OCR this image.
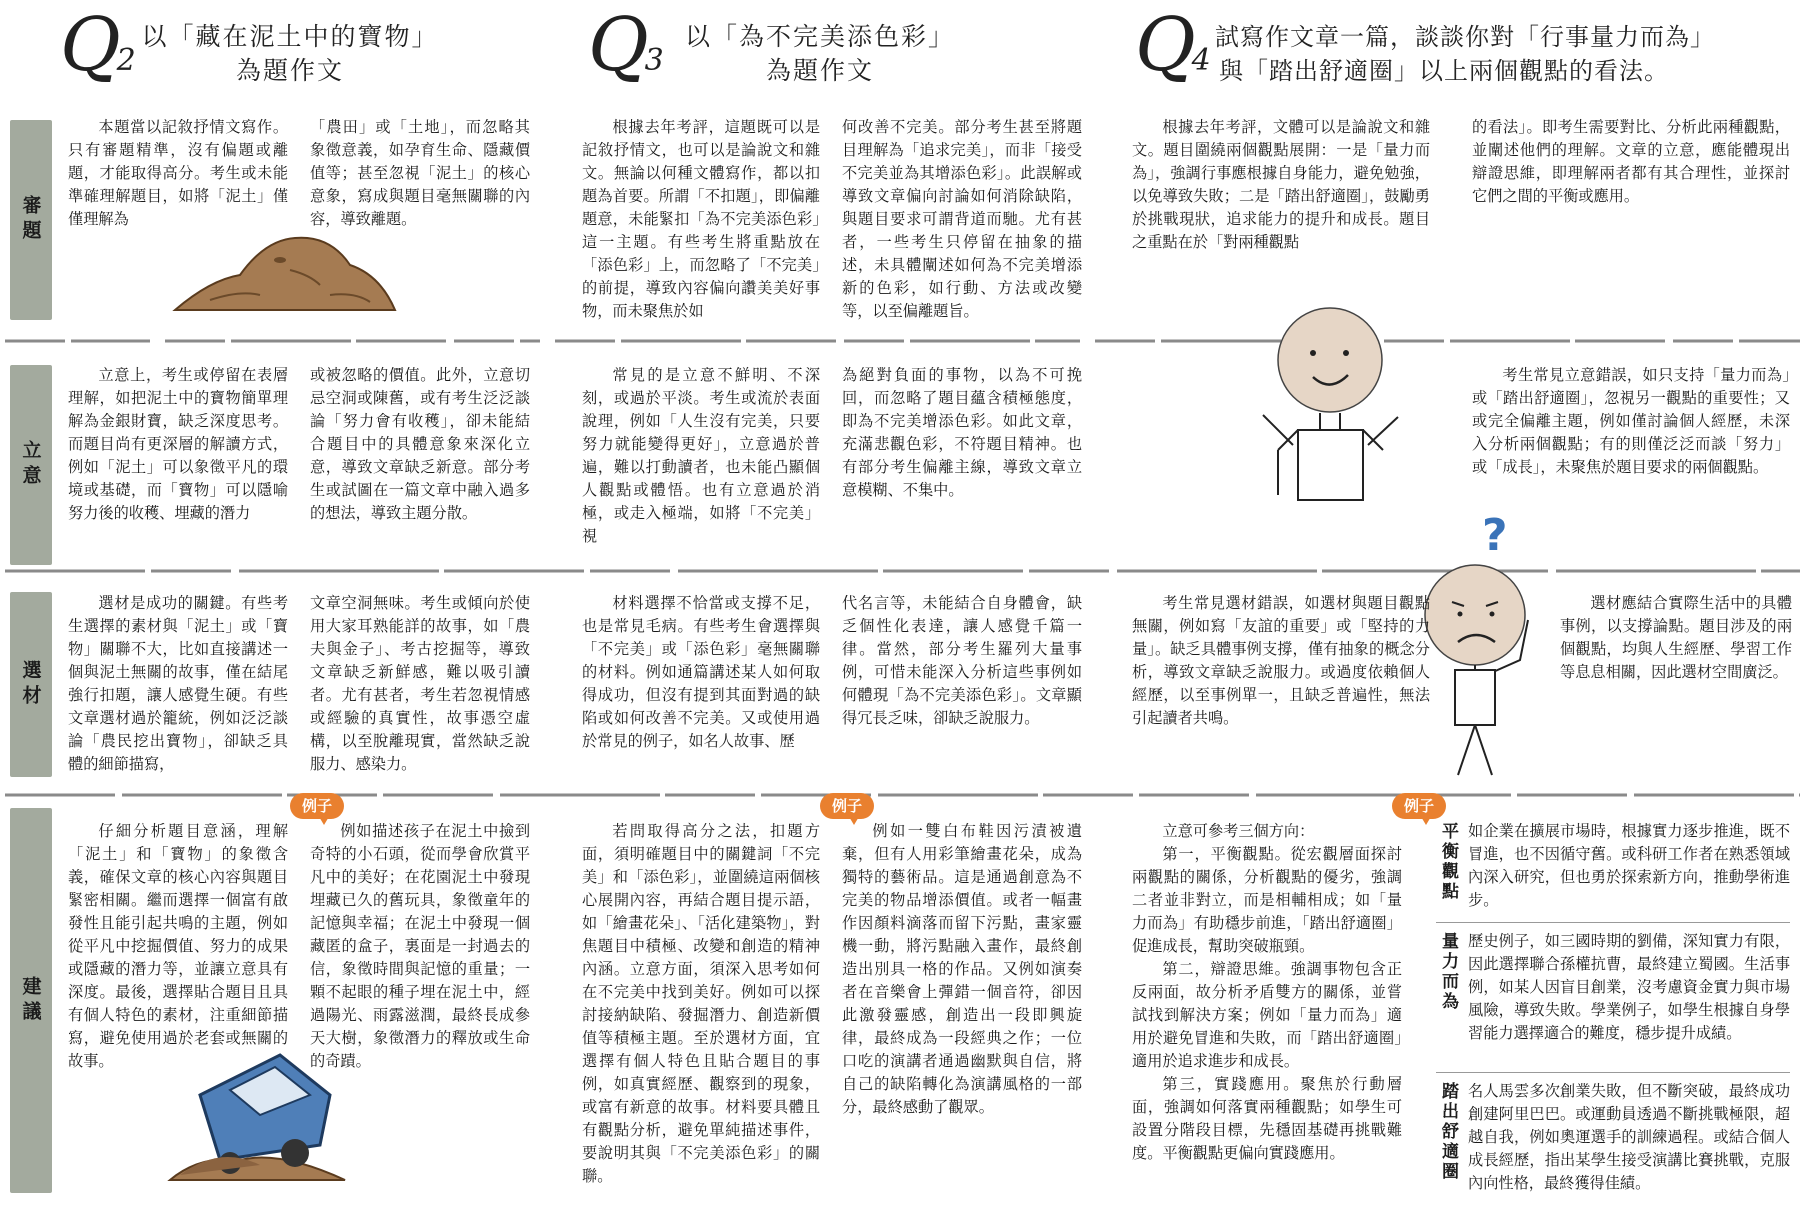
Q2
以「藏在泥土中的寶物」
為題作文	Q3
以「為不完美添色彩」
為題作文	Q4
試寫作文章一篇，談談你對「行事量力而為」
與「踏出舒適圈」以上兩個觀點的看法。
審題
立意
選材
建議

本題當以記敘抒情文寫作。只有審題精準，沒有偏題或離題，才能取得高分。考生或未能準確理解題目，如將「泥土」僅僅理解為

「農田」或「土地」，而忽略其象徵意義，如孕育生命、隱藏價值等；甚至忽視「泥土」的核心意象，寫成與題目毫無關聯的內容，導致離題。

立意上，考生或停留在表層理解，如把泥土中的寶物簡單理解為金銀財寶，缺乏深度思考。而題目尚有更深層的解讀方式，例如「泥土」可以象徵平凡的環境或基礎，而「寶物」可以隱喻努力後的收穫、埋藏的潛力

或被忽略的價值。此外，立意切忌空洞或陳舊，或有考生泛泛談論「努力會有收穫」，卻未能結合題目中的具體意象來深化立意，導致文章缺乏新意。部分考生或試圖在一篇文章中融入過多的想法，導致主題分散。

選材是成功的關鍵。有些考生選擇的素材與「泥土」或「寶物」關聯不大，比如直接講述一個與泥土無關的故事，僅在結尾強行扣題，讓人感覺生硬。有些文章選材過於籠統，例如泛泛談論「農民挖出寶物」，卻缺乏具體的細節描寫，

文章空洞無味。考生或傾向於使用大家耳熟能詳的故事，如「農夫與金子」、考古挖掘等，導致文章缺乏新鮮感，難以吸引讀者。尤有甚者，考生若忽視情感或經驗的真實性，故事憑空虛構，以至脫離現實，當然缺乏說服力、感染力。

例子

仔細分析題目意涵，理解「泥土」和「寶物」的象徵含義，確保文章的核心內容與題目緊密相關。繼而選擇一個富有啟發性且能引起共鳴的主題，例如從平凡中挖掘價值、努力的成果或隱藏的潛力等，並讓立意具有深度。最後，選擇貼合題目且具有個人特色的素材，注重細節描寫，避免使用過於老套或無關的故事。

例如描述孩子在泥土中撿到奇特的小石頭，從而學會欣賞平凡中的美好；在花園泥土中發現埋藏已久的舊玩具，象徵童年的記憶與幸福；在泥土中發現一個藏匿的盒子，裏面是一封過去的信，象徵時間與記憶的重量；一顆不起眼的種子埋在泥土中，經過陽光、雨露滋潤，最終長成參天大樹，象徵潛力的釋放或生命的奇蹟。

根據去年考評，這題既可以是記敘抒情文，也可以是論說文和雜文。無論以何種文體寫作，都以扣題為首要。所謂「不扣題」，即偏離題意，未能緊扣「為不完美添色彩」這一主題。有些考生將重點放在「添色彩」上，而忽略了「不完美」的前提，導致內容偏向讚美美好事物，而未聚焦於如

何改善不完美。部分考生甚至將題目理解為「追求完美」，而非「接受不完美並為其增添色彩」。此誤解或導致文章偏向討論如何消除缺陷，與題目要求可謂背道而馳。尤有甚者，一些考生只停留在抽象的描述，未具體闡述如何為不完美增添新的色彩，如行動、方法或改變等，以至偏離題旨。

常見的是立意不鮮明、不深刻，或過於平淡。考生或流於表面說理，例如「人生沒有完美，只要努力就能變得更好」，立意過於普遍，難以打動讀者，也未能凸顯個人觀點或體悟。也有立意過於消極，或走入極端，如將「不完美」視

為絕對負面的事物，以為不可挽回，而忽略了題目蘊含積極態度，即為不完美增添色彩。如此文章，充滿悲觀色彩，不符題目精神。也有部分考生偏離主線，導致文章立意模糊、不集中。

材料選擇不恰當或支撐不足，也是常見毛病。有些考生會選擇與「不完美」或「添色彩」毫無關聯的材料。例如通篇講述某人如何取得成功，但沒有提到其面對過的缺陷或如何改善不完美。又或使用過於常見的例子，如名人故事、歷

代名言等，未能結合自身體會，缺乏個性化表達，讓人感覺千篇一律。當然，部分考生羅列大量事例，可惜未能深入分析這些事例如何體現「為不完美添色彩」。文章顯得冗長乏味，卻缺乏說服力。

例子

若問取得高分之法，扣題方面，須明確題目中的關鍵詞「不完美」和「添色彩」，並圍繞這兩個核心展開內容，再結合題目提示語，如「繪畫花朵」、「活化建築物」，對焦題目中積極、改變和創造的精神內涵。立意方面，須深入思考如何在不完美中找到美好。例如可以探討接納缺陷、發掘潛力、創造新價值等積極主題。至於選材方面，宜選擇有個人特色且貼合題目的事例，如真實經歷、觀察到的現象，或富有新意的故事。材料要具體且有觀點分析，避免單純描述事件，要說明其與「不完美添色彩」的關聯。

例如一雙白布鞋因污漬被遺棄，但有人用彩筆繪畫花朵，成為獨特的藝術品。這是通過創意為不完美的物品增添價值。或者一幅畫作因顏料滴落而留下污點，畫家靈機一動，將污點融入畫作，最終創造出別具一格的作品。又例如演奏者在音樂會上彈錯一個音符，卻因此激發靈感，創造出一段即興旋律，最終成為一段經典之作；一位口吃的演講者通過幽默與自信，將自己的缺陷轉化為演講風格的一部分，最終感動了觀眾。

根據去年考評，文體可以是論說文和雜文。題目圍繞兩個觀點展開：一是「量力而為」，強調行事應根據自身能力，避免勉強，以免導致失敗；二是「踏出舒適圈」，鼓勵勇於挑戰現狀，追求能力的提升和成長。題目之重點在於「對兩種觀點

的看法」。即考生需要對比、分析此兩種觀點，並闡述他們的理解。文章的立意，應能體現出辯證思維，即理解兩者都有其合理性，並探討它們之間的平衡或應用。

考生常見立意錯誤，如只支持「量力而為」或「踏出舒適圈」，忽視另一觀點的重要性；又或完全偏離主題，例如僅討論個人經歷，未深入分析兩個觀點；有的則僅泛泛而談「努力」或「成長」，未聚焦於題目要求的兩個觀點。

?

考生常見選材錯誤，如選材與題目觀點無關，例如寫「友誼的重要」或「堅持的力量」。缺乏具體事例支撐，僅有抽象的概念分析，導致文章缺乏說服力。或過度依賴個人經歷，以至事例單一，且缺乏普遍性，無法引起讀者共鳴。

選材應結合實際生活中的具體事例，以支撐論點。題目涉及的兩個觀點，均與人生經歷、學習工作等息息相關，因此選材空間廣泛。

例子

立意可參考三個方向：

第一，平衡觀點。從宏觀層面探討兩觀點的關係，分析觀點的優劣，強調二者並非對立，而是相輔相成；如「量力而為」有助穩步前進，「踏出舒適圈」促進成長，幫助突破瓶頸。

第二，辯證思維。強調事物包含正反兩面，故分析矛盾雙方的關係，並嘗試找到解決方案；例如「量力而為」適用於避免冒進和失敗，而「踏出舒適圈」適用於追求進步和成長。

第三，實踐應用。聚焦於行動層面，強調如何落實兩種觀點；如學生可設置分階段目標，先穩固基礎再挑戰難度。平衡觀點更偏向實踐應用。

平衡觀點 如企業在擴展市場時，根據實力逐步推進，既不冒進，也不因循守舊。或科研工作者在熟悉領域內深入研究，但也勇於探索新方向，推動學術進步。

量力而為 歷史例子，如三國時期的劉備，深知實力有限，因此選擇聯合孫權抗曹，最終建立蜀國。生活事例，如某人因盲目創業，沒考慮資金實力與市場風險，導致失敗。學業例子，如學生根據自身學習能力選擇適合的難度，穩步提升成績。

踏出舒適圈 名人馬雲多次創業失敗，但不斷突破，最終成功創建阿里巴巴。或運動員透過不斷挑戰極限，超越自我，例如奧運選手的訓練過程。或結合個人成長經歷，指出某學生接受演講比賽挑戰，克服內向性格，最終獲得佳績。
